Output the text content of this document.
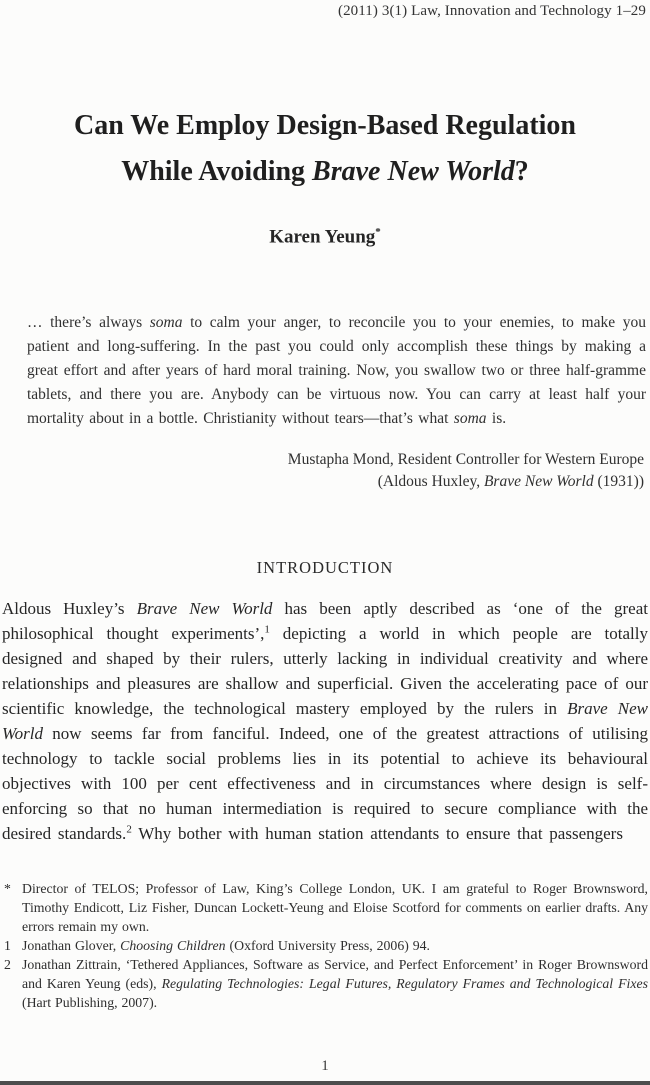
(2011) 3(1) Law, Innovation and Technology 1–29
Can We Employ Design-Based Regulation
While Avoiding Brave New World?
Karen Yeung*
… there’s always soma to calm your anger, to reconcile you to your enemies, to make you patient and long-suffering. In the past you could only accomplish these things by making a great effort and after years of hard moral training. Now, you swallow two or three half-gramme tablets, and there you are. Anybody can be virtuous now. You can carry at least half your mortality about in a bottle. Christianity without tears—that’s what soma is.
Mustapha Mond, Resident Controller for Western Europe
(Aldous Huxley, Brave New World (1931))
INTRODUCTION

Aldous Huxley’s Brave New World has been aptly described as ‘one of the great philosophical thought experiments’,$^1$ depicting a world in which people are totally designed and shaped by their rulers, utterly lacking in individual creativity and where relationships and pleasures are shallow and superficial. Given the accelerating pace of our scientific knowledge, the technological mastery employed by the rulers in Brave New World now seems far from fanciful. Indeed, one of the greatest attractions of utilising technology to tackle social problems lies in its potential to achieve its behavioural objectives with 100 per cent effectiveness and in circumstances where design is self-enforcing so that no human intermediation is required to secure compliance with the desired standards.$^2$ Why bother with human station attendants to ensure that passengers

* Director of TELOS; Professor of Law, King’s College London, UK. I am grateful to Roger Brownsword, Timothy Endicott, Liz Fisher, Duncan Lockett-Yeung and Eloise Scotford for comments on earlier drafts. Any errors remain my own.
1 Jonathan Glover, Choosing Children (Oxford University Press, 2006) 94.
2 Jonathan Zittrain, ‘Tethered Appliances, Software as Service, and Perfect Enforcement’ in Roger Brownsword and Karen Yeung (eds), Regulating Technologies: Legal Futures, Regulatory Frames and Technological Fixes (Hart Publishing, 2007).
1
